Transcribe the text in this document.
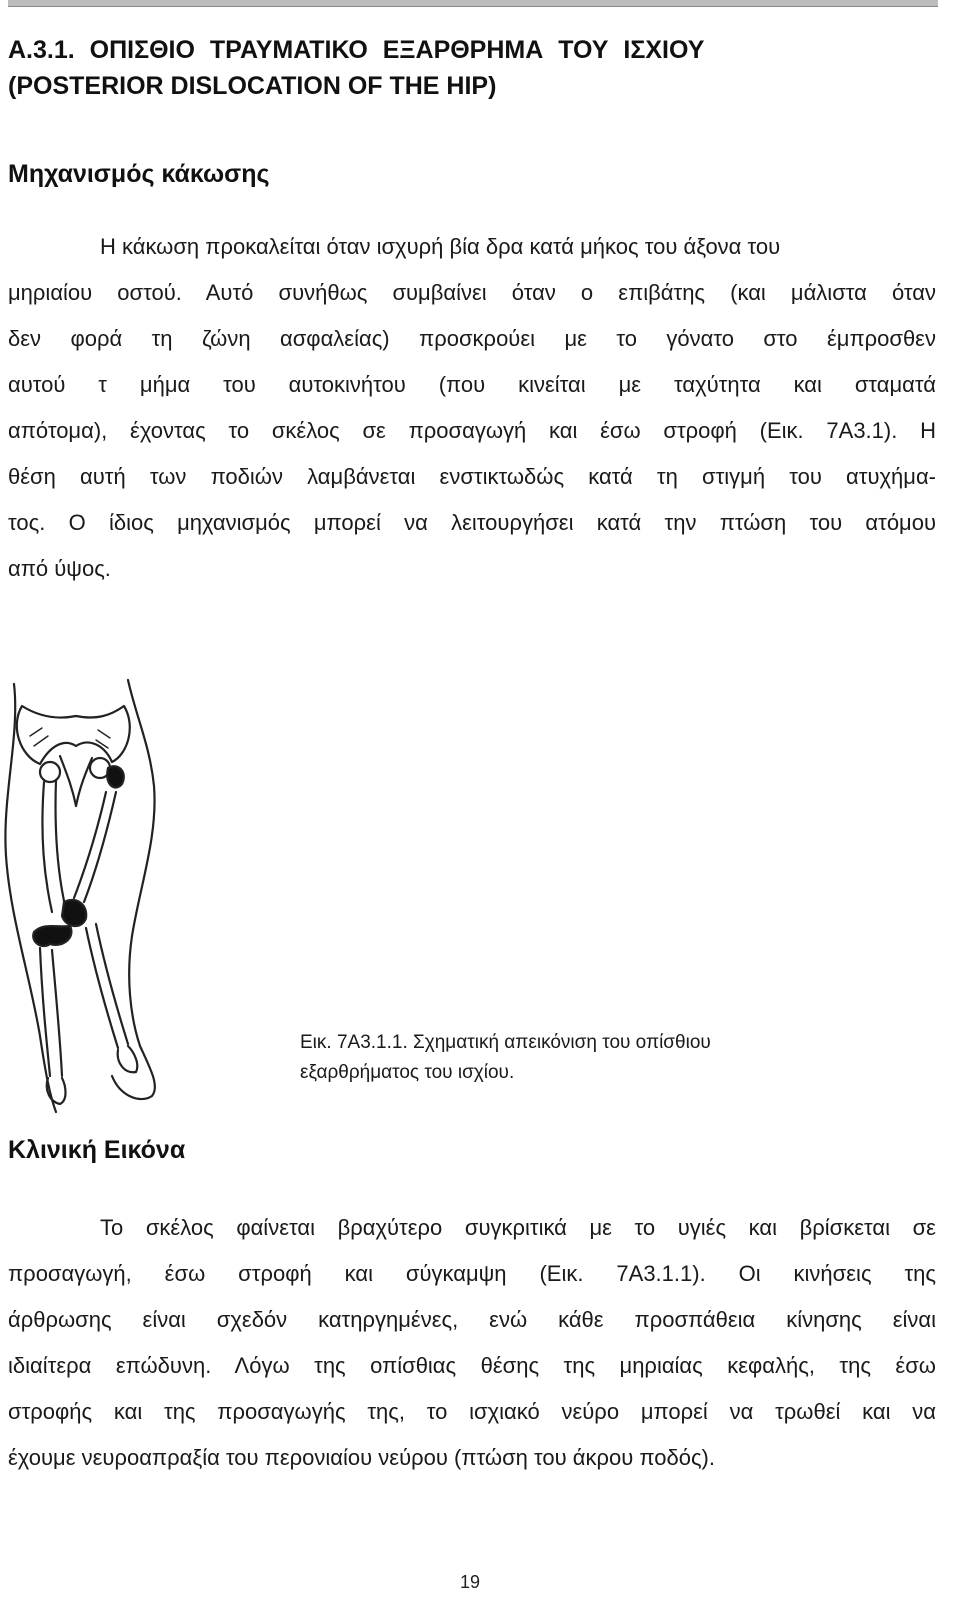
Α.3.1. ΟΠΙΣΘΙΟ ΤΡΑΥΜΑΤΙΚΟ ΕΞΑΡΘΡΗΜΑ ΤΟΥ ΙΣΧΙΟΥ
(POSTERIOR DISLOCATION OF THE HIP)
Μηχανισμός κάκωσης
Η κάκωση προκαλείται όταν ισχυρή βία δρα κατά μήκος του άξονα του
μηριαίου οστού. Αυτό συνήθως συμβαίνει όταν ο επιβάτης (και μάλιστα όταν
δεν φορά τη ζώνη ασφαλείας) προσκρούει με το γόνατο στο έμπροσθεν
αυτού τ μήμα του αυτοκινήτου (που κινείται με ταχύτητα και σταματά
απότομα), έχοντας το σκέλος σε προσαγωγή και έσω στροφή (Εικ. 7Α3.1). Η
θέση αυτή των ποδιών λαμβάνεται ενστικτωδώς κατά τη στιγμή του ατυχήμα-
τος. Ο ίδιος μηχανισμός μπορεί να λειτουργήσει κατά την πτώση του ατόμου
από ύψος.
Εικ. 7Α3.1.1. Σχηματική απεικόνιση του οπίσθιου
εξαρθρήματος του ισχίου.
Κλινική Εικόνα
Το σκέλος φαίνεται βραχύτερο συγκριτικά με το υγιές και βρίσκεται σε
προσαγωγή, έσω στροφή και σύγκαμψη (Εικ. 7Α3.1.1). Οι κινήσεις της
άρθρωσης είναι σχεδόν κατηργημένες, ενώ κάθε προσπάθεια κίνησης είναι
ιδιαίτερα επώδυνη. Λόγω της οπίσθιας θέσης της μηριαίας κεφαλής, της έσω
στροφής και της προσαγωγής της, το ισχιακό νεύρο μπορεί να τρωθεί και να
έχουμε νευροαπραξία του περονιαίου νεύρου (πτώση του άκρου ποδός).
19
